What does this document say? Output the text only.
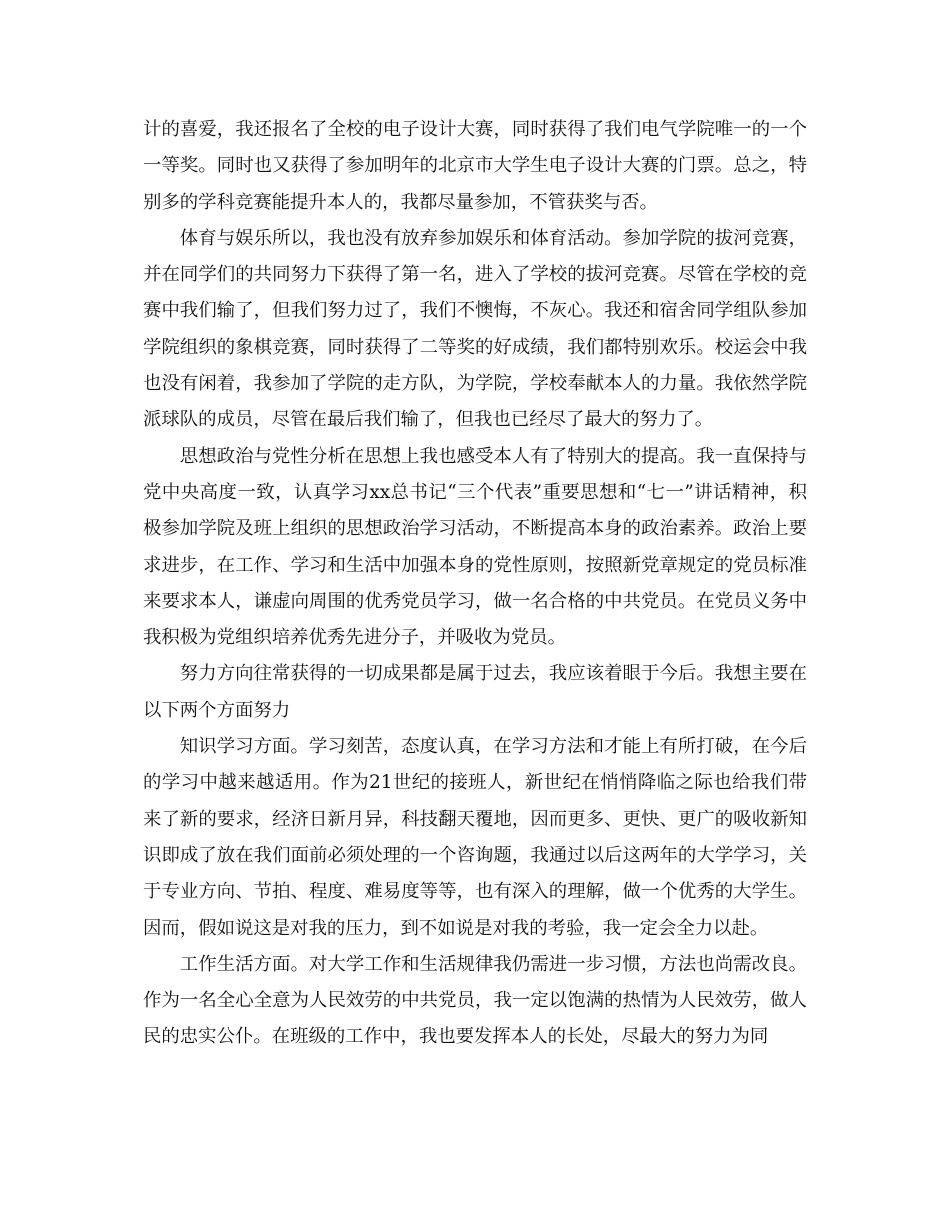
计的喜爱，我还报名了全校的电子设计大赛，同时获得了我们电气学院唯一的一个一等奖。同时也又获得了参加明年的北京市大学生电子设计大赛的门票。总之，特别多的学科竞赛能提升本人的，我都尽量参加，不管获奖与否。

体育与娱乐所以，我也没有放弃参加娱乐和体育活动。参加学院的拔河竞赛，并在同学们的共同努力下获得了第一名，进入了学校的拔河竞赛。尽管在学校的竞赛中我们输了，但我们努力过了，我们不懊悔，不灰心。我还和宿舍同学组队参加学院组织的象棋竞赛，同时获得了二等奖的好成绩，我们都特别欢乐。校运会中我也没有闲着，我参加了学院的走方队，为学院，学校奉献本人的力量。我依然学院派球队的成员，尽管在最后我们输了，但我也已经尽了最大的努力了。

思想政治与党性分析在思想上我也感受本人有了特别大的提高。我一直保持与党中央高度一致，认真学习xx总书记“三个代表”重要思想和“七一”讲话精神，积极参加学院及班上组织的思想政治学习活动，不断提高本身的政治素养。政治上要求进步，在工作、学习和生活中加强本身的党性原则，按照新党章规定的党员标准来要求本人，谦虚向周围的优秀党员学习，做一名合格的中共党员。在党员义务中我积极为党组织培养优秀先进分子，并吸收为党员。

努力方向往常获得的一切成果都是属于过去，我应该着眼于今后。我想主要在以下两个方面努力

知识学习方面。学习刻苦，态度认真，在学习方法和才能上有所打破，在今后的学习中越来越适用。作为21世纪的接班人，新世纪在悄悄降临之际也给我们带来了新的要求，经济日新月异，科技翻天覆地，因而更多、更快、更广的吸收新知识即成了放在我们面前必须处理的一个咨询题，我通过以后这两年的大学学习，关于专业方向、节拍、程度、难易度等等，也有深入的理解，做一个优秀的大学生。因而，假如说这是对我的压力，到不如说是对我的考验，我一定会全力以赴。

工作生活方面。对大学工作和生活规律我仍需进一步习惯，方法也尚需改良。作为一名全心全意为人民效劳的中共党员，我一定以饱满的热情为人民效劳，做人民的忠实公仆。在班级的工作中，我也要发挥本人的长处，尽最大的努力为同
